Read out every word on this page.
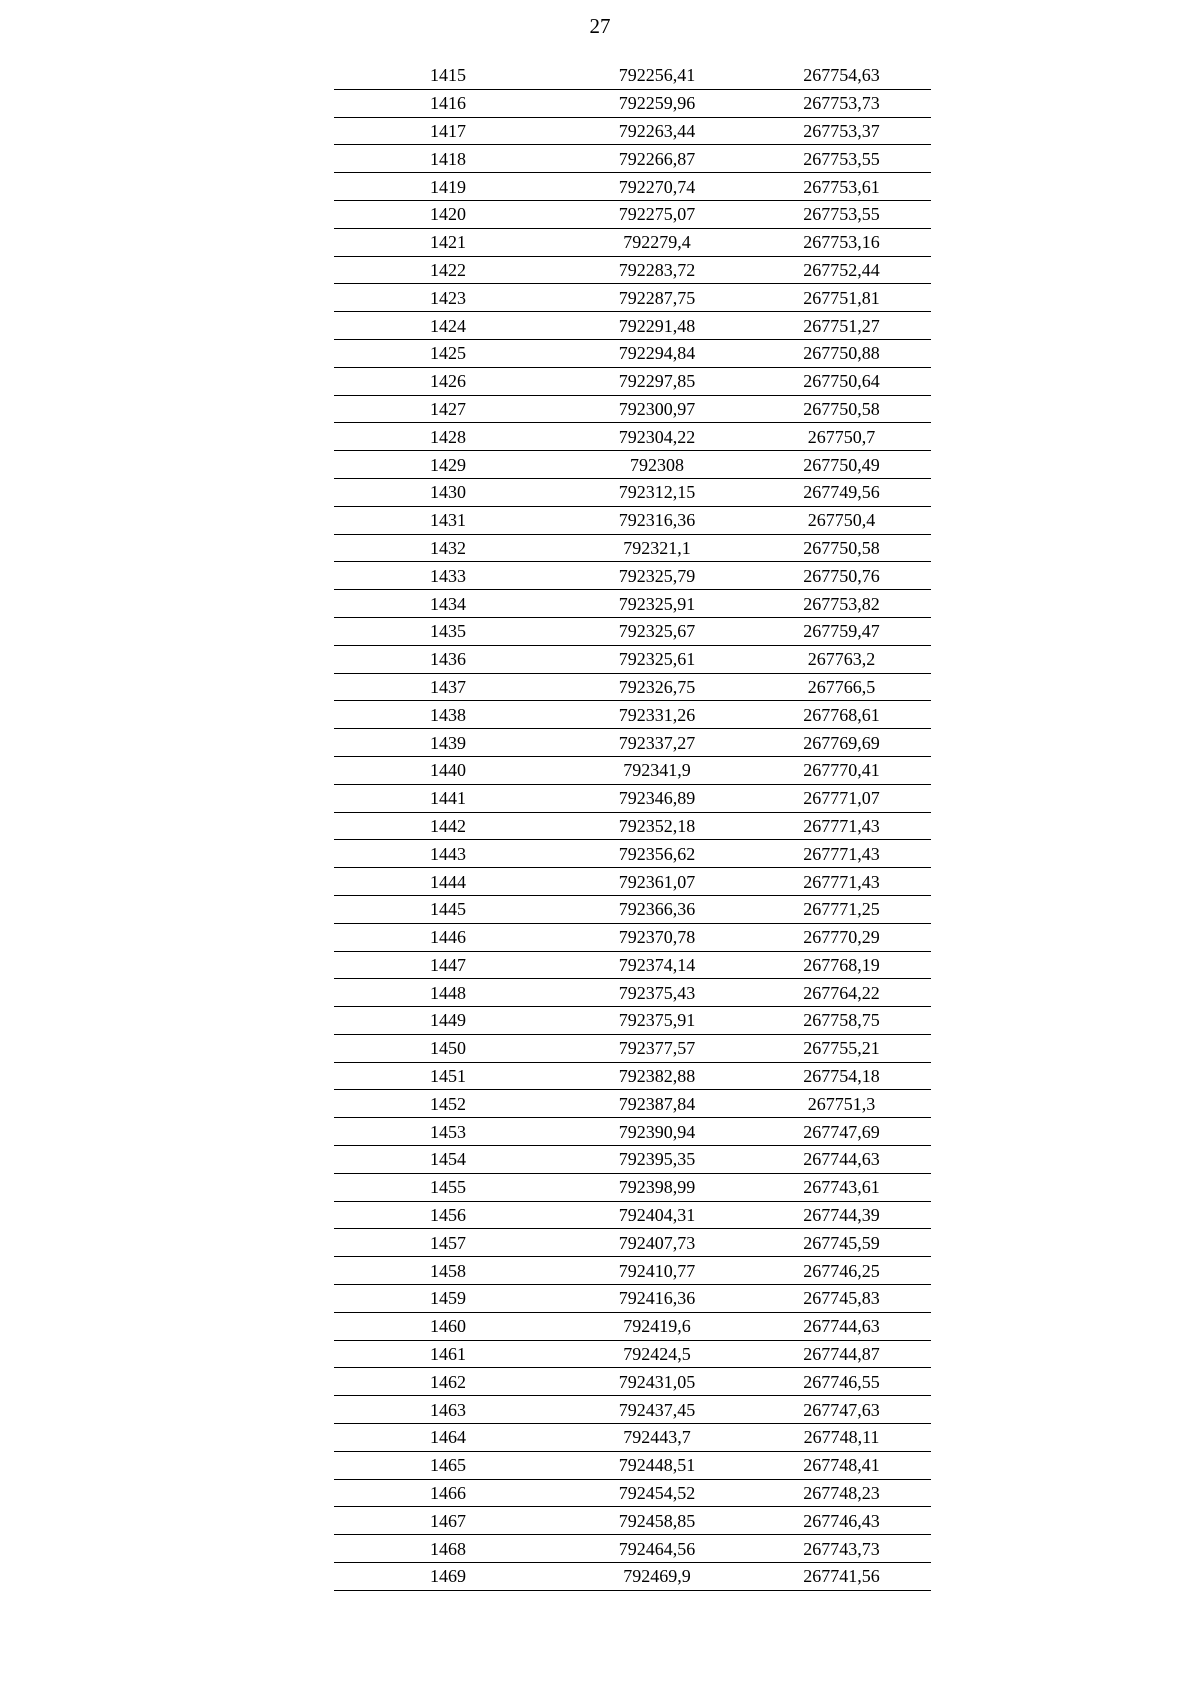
27
1415	792256,41	267754,63
1416	792259,96	267753,73
1417	792263,44	267753,37
1418	792266,87	267753,55
1419	792270,74	267753,61
1420	792275,07	267753,55
1421	792279,4	267753,16
1422	792283,72	267752,44
1423	792287,75	267751,81
1424	792291,48	267751,27
1425	792294,84	267750,88
1426	792297,85	267750,64
1427	792300,97	267750,58
1428	792304,22	267750,7
1429	792308	267750,49
1430	792312,15	267749,56
1431	792316,36	267750,4
1432	792321,1	267750,58
1433	792325,79	267750,76
1434	792325,91	267753,82
1435	792325,67	267759,47
1436	792325,61	267763,2
1437	792326,75	267766,5
1438	792331,26	267768,61
1439	792337,27	267769,69
1440	792341,9	267770,41
1441	792346,89	267771,07
1442	792352,18	267771,43
1443	792356,62	267771,43
1444	792361,07	267771,43
1445	792366,36	267771,25
1446	792370,78	267770,29
1447	792374,14	267768,19
1448	792375,43	267764,22
1449	792375,91	267758,75
1450	792377,57	267755,21
1451	792382,88	267754,18
1452	792387,84	267751,3
1453	792390,94	267747,69
1454	792395,35	267744,63
1455	792398,99	267743,61
1456	792404,31	267744,39
1457	792407,73	267745,59
1458	792410,77	267746,25
1459	792416,36	267745,83
1460	792419,6	267744,63
1461	792424,5	267744,87
1462	792431,05	267746,55
1463	792437,45	267747,63
1464	792443,7	267748,11
1465	792448,51	267748,41
1466	792454,52	267748,23
1467	792458,85	267746,43
1468	792464,56	267743,73
1469	792469,9	267741,56
